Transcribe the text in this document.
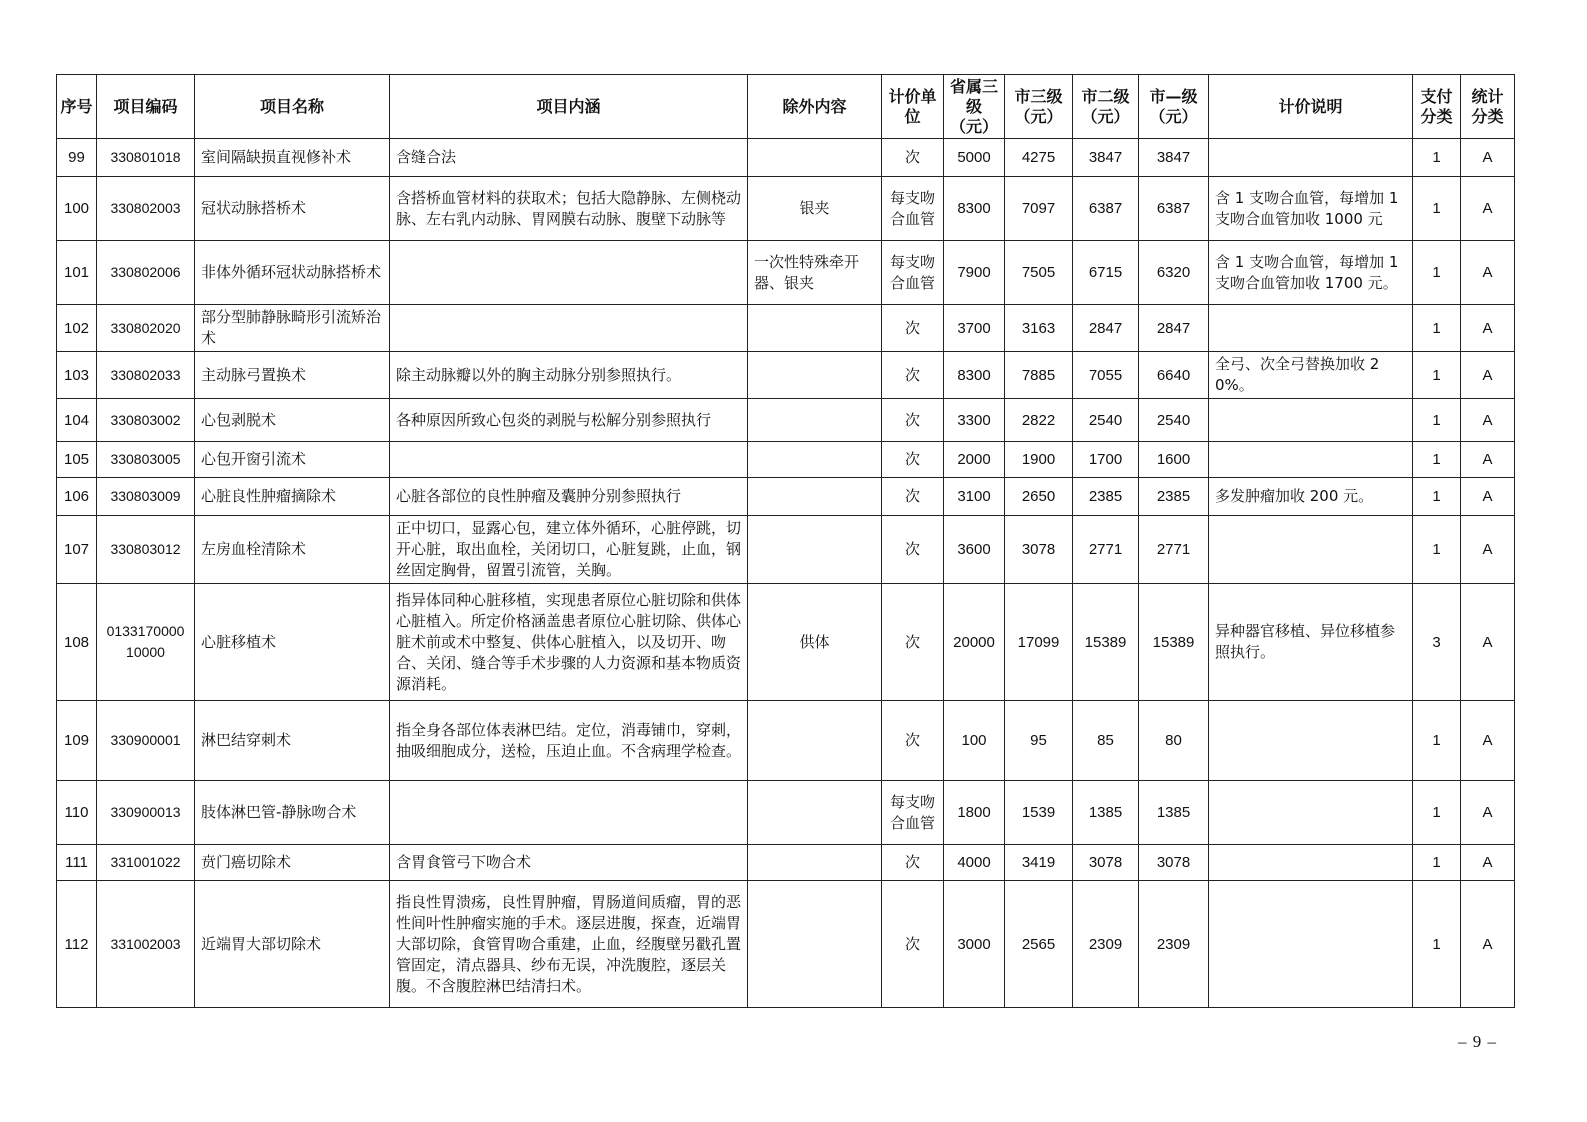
序号	项目编码	项目名称	项目内涵	除外内容	计价单位	省属三级（元）	市三级（元）	市二级（元）	市—级（元）	计价说明	支付分类	统计分类
99	330801018	室间隔缺损直视修补术	含缝合法		次	5000	4275	3847	3847		1	A
100	330802003	冠状动脉搭桥术	含搭桥血管材料的获取术；包括大隐静脉、左侧桡动脉、左右乳内动脉、胃网膜右动脉、腹壁下动脉等	银夹	每支吻合血管	8300	7097	6387	6387	含 1 支吻合血管，每增加 1 支吻合血管加收 1000 元	1	A
101	330802006	非体外循环冠状动脉搭桥术		一次性特殊牵开器、银夹	每支吻合血管	7900	7505	6715	6320	含 1 支吻合血管，每增加 1 支吻合血管加收 1700 元。	1	A
102	330802020	部分型肺静脉畸形引流矫治术			次	3700	3163	2847	2847		1	A
103	330802033	主动脉弓置换术	除主动脉瓣以外的胸主动脉分别参照执行。		次	8300	7885	7055	6640	全弓、次全弓替换加收 20%。	1	A
104	330803002	心包剥脱术	各种原因所致心包炎的剥脱与松解分别参照执行		次	3300	2822	2540	2540		1	A
105	330803005	心包开窗引流术			次	2000	1900	1700	1600		1	A
106	330803009	心脏良性肿瘤摘除术	心脏各部位的良性肿瘤及囊肿分别参照执行		次	3100	2650	2385	2385	多发肿瘤加收 200 元。	1	A
107	330803012	左房血栓清除术	正中切口，显露心包，建立体外循环，心脏停跳，切开心脏，取出血栓，关闭切口，心脏复跳，止血，钢丝固定胸骨，留置引流管，关胸。		次	3600	3078	2771	2771		1	A
108	013317000010000	心脏移植术	指异体同种心脏移植，实现患者原位心脏切除和供体心脏植入。所定价格涵盖患者原位心脏切除、供体心脏术前或术中整复、供体心脏植入，以及切开、吻合、关闭、缝合等手术步骤的人力资源和基本物质资源消耗。	供体	次	20000	17099	15389	15389	异种器官移植、异位移植参照执行。	3	A
109	330900001	淋巴结穿刺术	指全身各部位体表淋巴结。定位，消毒铺巾，穿刺，抽吸细胞成分，送检，压迫止血。不含病理学检查。		次	100	95	85	80		1	A
110	330900013	肢体淋巴管-静脉吻合术			每支吻合血管	1800	1539	1385	1385		1	A
111	331001022	贲门癌切除术	含胃食管弓下吻合术		次	4000	3419	3078	3078		1	A
112	331002003	近端胃大部切除术	指良性胃溃疡，良性胃肿瘤，胃肠道间质瘤，胃的恶性间叶性肿瘤实施的手术。逐层进腹，探查，近端胃大部切除，食管胃吻合重建，止血，经腹壁另戳孔置管固定，清点器具、纱布无误，冲洗腹腔，逐层关腹。不含腹腔淋巴结清扫术。		次	3000	2565	2309	2309		1	A
– 9 –
